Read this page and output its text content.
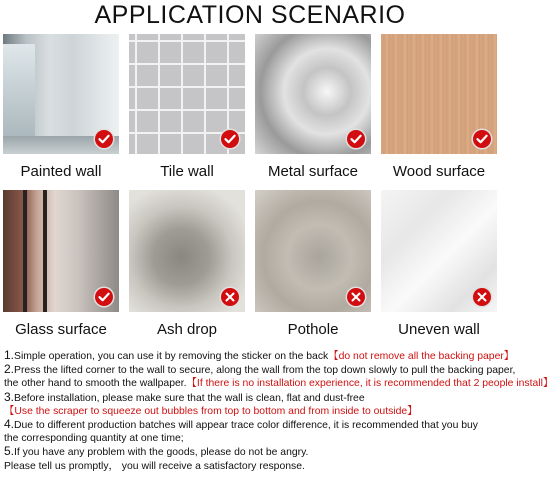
APPLICATION SCENARIO
Painted wall	Tile wall	Metal surface	Wood surface
Glass surface	Ash drop	Pothole	Uneven wall

1.Simple operation, you can use it by removing the sticker on the back【do not remove all the backing paper】

2.Press the lifted corner to the wall to secure, along the wall from the top down slowly to pull the backing paper,

the other hand to smooth the wallpaper.【If there is no installation experience, it is recommended that 2 people install】

3.Before installation, please make sure that the wall is clean, flat and dust-free

【Use the scraper to squeeze out bubbles from top to bottom and from inside to outside】

4.Due to different production batches will appear trace color difference, it is recommended that you buy

the corresponding quantity at one time;

5.If you have any problem with the goods, please do not be angry.

Please tell us promptly， you will receive a satisfactory response.
